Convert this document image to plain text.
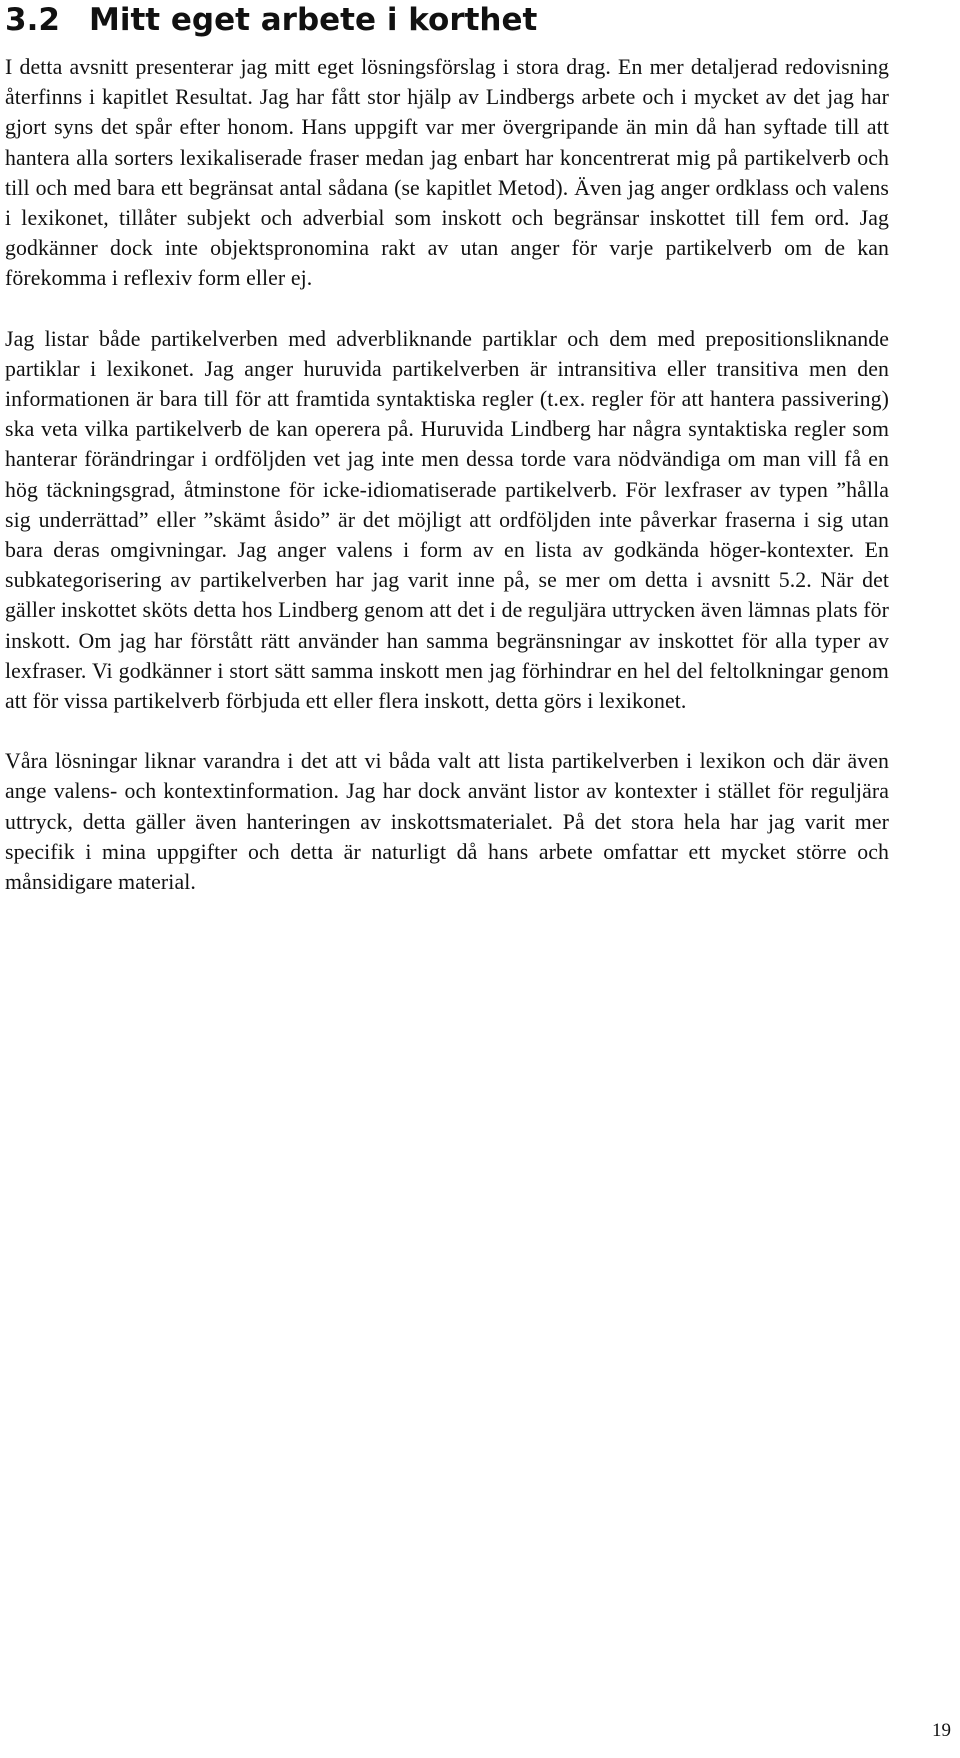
3.2 Mitt eget arbete i korthet

I detta avsnitt presenterar jag mitt eget lösningsförslag i stora drag. En mer detaljerad redovisning återfinns i kapitlet Resultat. Jag har fått stor hjälp av Lindbergs arbete och i mycket av det jag har gjort syns det spår efter honom. Hans uppgift var mer övergripande än min då han syftade till att hantera alla sorters lexikaliserade fraser medan jag enbart har koncentrerat mig på partikelverb och till och med bara ett begränsat antal sådana (se kapitlet Metod). Även jag anger ordklass och valens i lexikonet, tillåter subjekt och adverbial som inskott och begränsar inskottet till fem ord. Jag godkänner dock inte objektspronomina rakt av utan anger för varje partikelverb om de kan förekomma i reflexiv form eller ej.

Jag listar både partikelverben med adverbliknande partiklar och dem med prepositionsliknande partiklar i lexikonet. Jag anger huruvida partikelverben är intransitiva eller transitiva men den informationen är bara till för att framtida syntaktiska regler (t.ex. regler för att hantera passivering) ska veta vilka partikelverb de kan operera på. Huruvida Lindberg har några syntaktiska regler som hanterar förändringar i ordföljden vet jag inte men dessa torde vara nödvändiga om man vill få en hög täckningsgrad, åtminstone för icke-idiomatiserade partikelverb. För lexfraser av typen ”hålla sig underrättad” eller ”skämt åsido” är det möjligt att ordföljden inte påverkar fraserna i sig utan bara deras omgivningar. Jag anger valens i form av en lista av godkända höger-kontexter. En subkategorisering av partikelverben har jag varit inne på, se mer om detta i avsnitt 5.2. När det gäller inskottet sköts detta hos Lindberg genom att det i de reguljära uttrycken även lämnas plats för inskott. Om jag har förstått rätt använder han samma begränsningar av inskottet för alla typer av lexfraser. Vi godkänner i stort sätt samma inskott men jag förhindrar en hel del feltolkningar genom att för vissa partikelverb förbjuda ett eller flera inskott, detta görs i lexikonet.

Våra lösningar liknar varandra i det att vi båda valt att lista partikelverben i lexikon och där även ange valens- och kontextinformation. Jag har dock använt listor av kontexter i stället för reguljära uttryck, detta gäller även hanteringen av inskottsmaterialet. På det stora hela har jag varit mer specifik i mina uppgifter och detta är naturligt då hans arbete omfattar ett mycket större och månsidigare material.

19
